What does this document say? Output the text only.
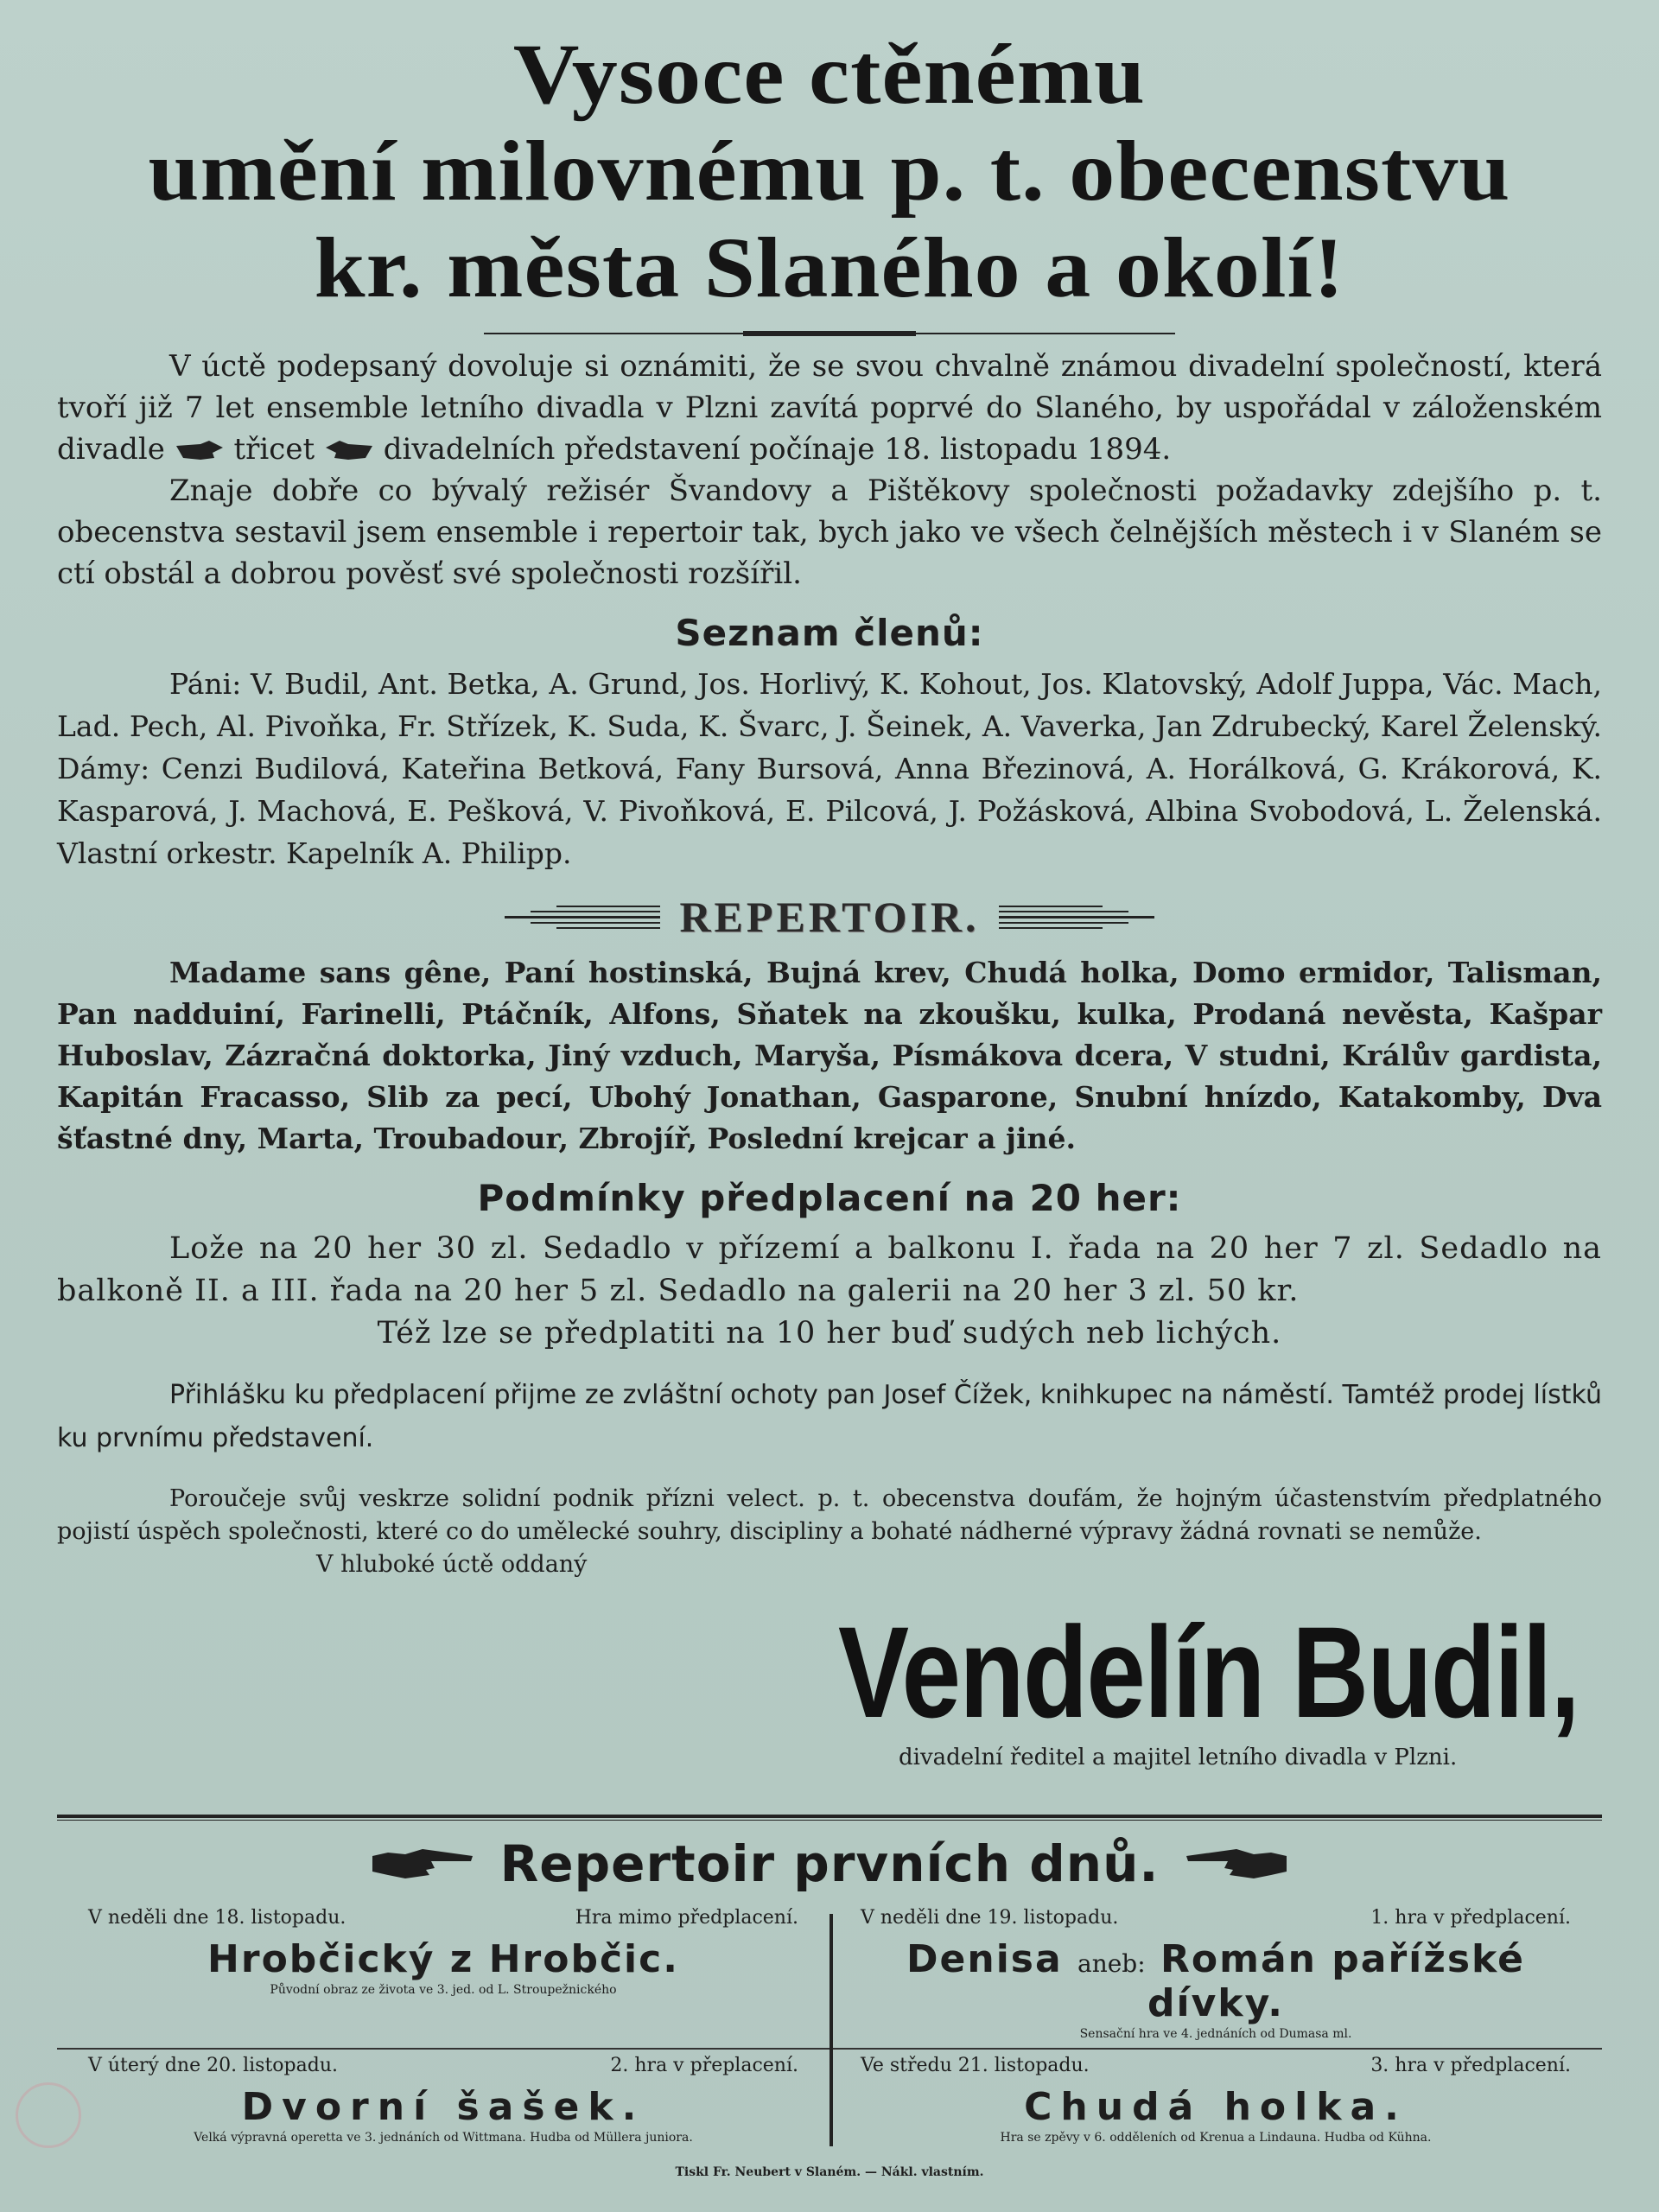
Vysoce ctěnému
umění milovnému p. t. obecenstvu
kr. města Slaného a okolí!

V úctě podepsaný dovoluje si oznámiti, že se svou chvalně známou divadelní společností, která tvoří již 7 let ensemble letního divadla v Plzni zavítá poprvé do Slaného, by uspořádal v záloženském divadle třicet divadelních představení počínaje 18. listopadu 1894.

Znaje dobře co bývalý režisér Švandovy a Pištěkovy společnosti požadavky zdejšího p. t. obecenstva sestavil jsem ensemble i repertoir tak, bych jako ve všech čelnějších městech i v Slaném se ctí obstál a dobrou pověsť své společnosti rozšířil.

Seznam členů:

Páni: V. Budil, Ant. Betka, A. Grund, Jos. Horlivý, K. Kohout, Jos. Klatovský, Adolf Juppa, Vác. Mach, Lad. Pech, Al. Pivoňka, Fr. Střízek, K. Suda, K. Švarc, J. Šeinek, A. Vaverka, Jan Zdrubecký, Karel Želenský. Dámy: Cenzi Budilová, Kateřina Betková, Fany Bursová, Anna Březinová, A. Horálková, G. Krákorová, K. Kasparová, J. Machová, E. Pešková, V. Pivoňková, E. Pilcová, J. Požásková, Albina Svobodová, L. Želenská. Vlastní orkestr. Kapelník A. Philipp.

REPERTOIR.

Madame sans gêne, Paní hostinská, Bujná krev, Chudá holka, Domo ermidor, Talisman, Pan nadduiní, Farinelli, Ptáčník, Alfons, Sňatek na zkoušku, kulka, Prodaná nevěsta, Kašpar Huboslav, Zázračná doktorka, Jiný vzduch, Maryša, Písmákova dcera, V studni, Králův gardista, Kapitán Fracasso, Slib za pecí, Ubohý Jonathan, Gasparone, Snubní hnízdo, Katakomby, Dva šťastné dny, Marta, Troubadour, Zbrojíř, Poslední krejcar a jiné.

Podmínky předplacení na 20 her:

Lože na 20 her 30 zl. Sedadlo v přízemí a balkonu I. řada na 20 her 7 zl. Sedadlo na balkoně II. a III. řada na 20 her 5 zl. Sedadlo na galerii na 20 her 3 zl. 50 kr.

Též lze se předplatiti na 10 her buď sudých neb lichých.

Přihlášku ku předplacení přijme ze zvláštní ochoty pan Josef Čížek, knihkupec na náměstí. Tamtéž prodej lístků ku prvnímu představení.

Poroučeje svůj veskrze solidní podnik přízni velect. p. t. obecenstva doufám, že hojným účastenstvím předplatného pojistí úspěch společnosti, které co do umělecké souhry, discipliny a bohaté nádherné výpravy žádná rovnati se nemůže.

V hluboké úctě oddaný

Vendelín Budil,
divadelní ředitel a majitel letního divadla v Plzni.
Repertoir prvních dnů.
V neděli dne 18. listopadu.	Hra mimo předplacení.
Hrobčický z Hrobčic.
Původní obraz ze života ve 3. jed. od L. Stroupežnického
V neděli dne 19. listopadu.	1. hra v předplacení.
Denisa aneb: Román pařížské dívky.
Sensační hra ve 4. jednáních od Dumasa ml.
V úterý dne 20. listopadu.	2. hra v přeplacení.
Dvorní šašek.
Velká výpravná operetta ve 3. jednáních od Wittmana. Hudba od Müllera juniora.
Ve středu 21. listopadu.	3. hra v předplacení.
Chudá holka.
Hra se zpěvy v 6. odděleních od Krenua a Lindauna. Hudba od Kühna.
Tiskl Fr. Neubert v Slaném. — Nákl. vlastním.
